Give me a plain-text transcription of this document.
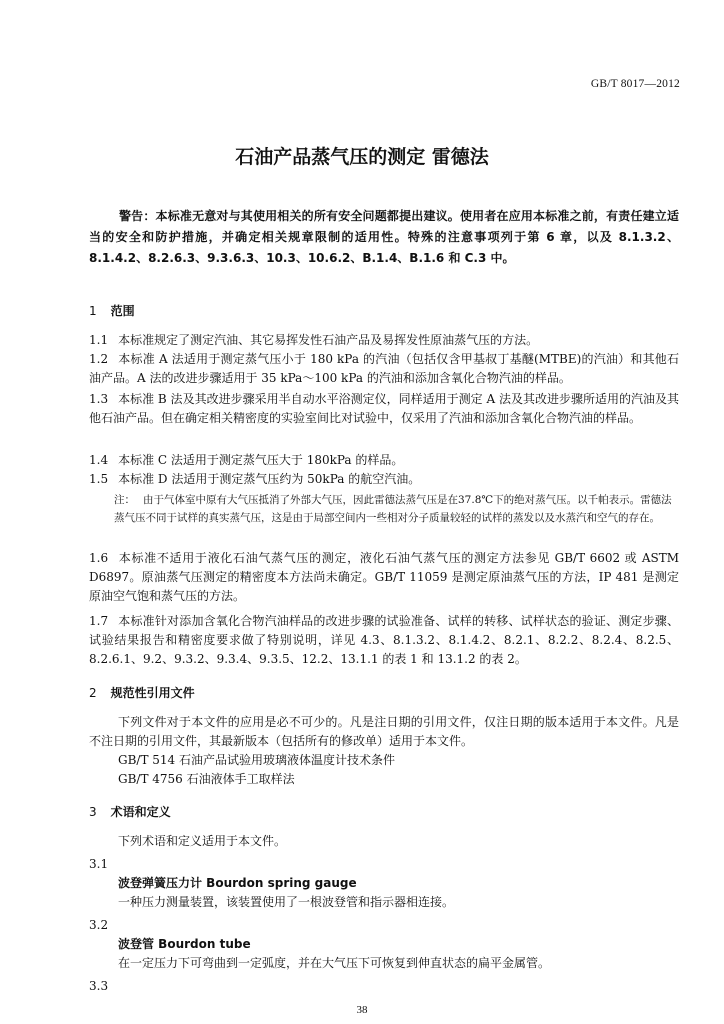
GB/T 8017—2012
石油产品蒸气压的测定 雷德法
警告：本标准无意对与其使用相关的所有安全问题都提出建议。使用者在应用本标准之前，有责任建立适当的安全和防护措施，并确定相关规章限制的适用性。特殊的注意事项列于第 6 章，以及 8.1.3.2、8.1.4.2、8.2.6.3、9.3.6.3、10.3、10.6.2、B.1.4、B.1.6 和 C.3 中。
1 范围

1.1 本标准规定了测定汽油、其它易挥发性石油产品及易挥发性原油蒸气压的方法。

1.2 本标准 A 法适用于测定蒸气压小于 180 kPa 的汽油（包括仅含甲基叔丁基醚(MTBE)的汽油）和其他石油产品。A 法的改进步骤适用于 35 kPa～100 kPa 的汽油和添加含氧化合物汽油的样品。

1.3 本标准 B 法及其改进步骤采用半自动水平浴测定仪，同样适用于测定 A 法及其改进步骤所适用的汽油及其他石油产品。但在确定相关精密度的实验室间比对试验中，仅采用了汽油和添加含氧化合物汽油的样品。

1.4 本标准 C 法适用于测定蒸气压大于 180kPa 的样品。

1.5 本标准 D 法适用于测定蒸气压约为 50kPa 的航空汽油。

注： 由于气体室中原有大气压抵消了外部大气压，因此雷德法蒸气压是在37.8℃下的绝对蒸气压。以千帕表示。雷德法蒸气压不同于试样的真实蒸气压，这是由于局部空间内一些相对分子质量较轻的试样的蒸发以及水蒸汽和空气的存在。

1.6 本标准不适用于液化石油气蒸气压的测定，液化石油气蒸气压的测定方法参见 GB/T 6602 或 ASTM D6897。原油蒸气压测定的精密度本方法尚未确定。GB/T 11059 是测定原油蒸气压的方法，IP 481 是测定原油空气饱和蒸气压的方法。

1.7 本标准针对添加含氧化合物汽油样品的改进步骤的试验准备、试样的转移、试样状态的验证、测定步骤、试验结果报告和精密度要求做了特别说明，详见 4.3、8.1.3.2、8.1.4.2、8.2.1、8.2.2、8.2.4、8.2.5、8.2.6.1、9.2、9.3.2、9.3.4、9.3.5、12.2、13.1.1 的表 1 和 13.1.2 的表 2。

2 规范性引用文件

下列文件对于本文件的应用是必不可少的。凡是注日期的引用文件，仅注日期的版本适用于本文件。凡是不注日期的引用文件，其最新版本（包括所有的修改单）适用于本文件。

GB/T 514 石油产品试验用玻璃液体温度计技术条件

GB/T 4756 石油液体手工取样法

3 术语和定义

下列术语和定义适用于本文件。

3.1

波登弹簧压力计 Bourdon spring gauge

一种压力测量装置，该装置使用了一根波登管和指示器相连接。

3.2

波登管 Bourdon tube

在一定压力下可弯曲到一定弧度，并在大气压下可恢复到伸直状态的扁平金属管。

3.3

38
